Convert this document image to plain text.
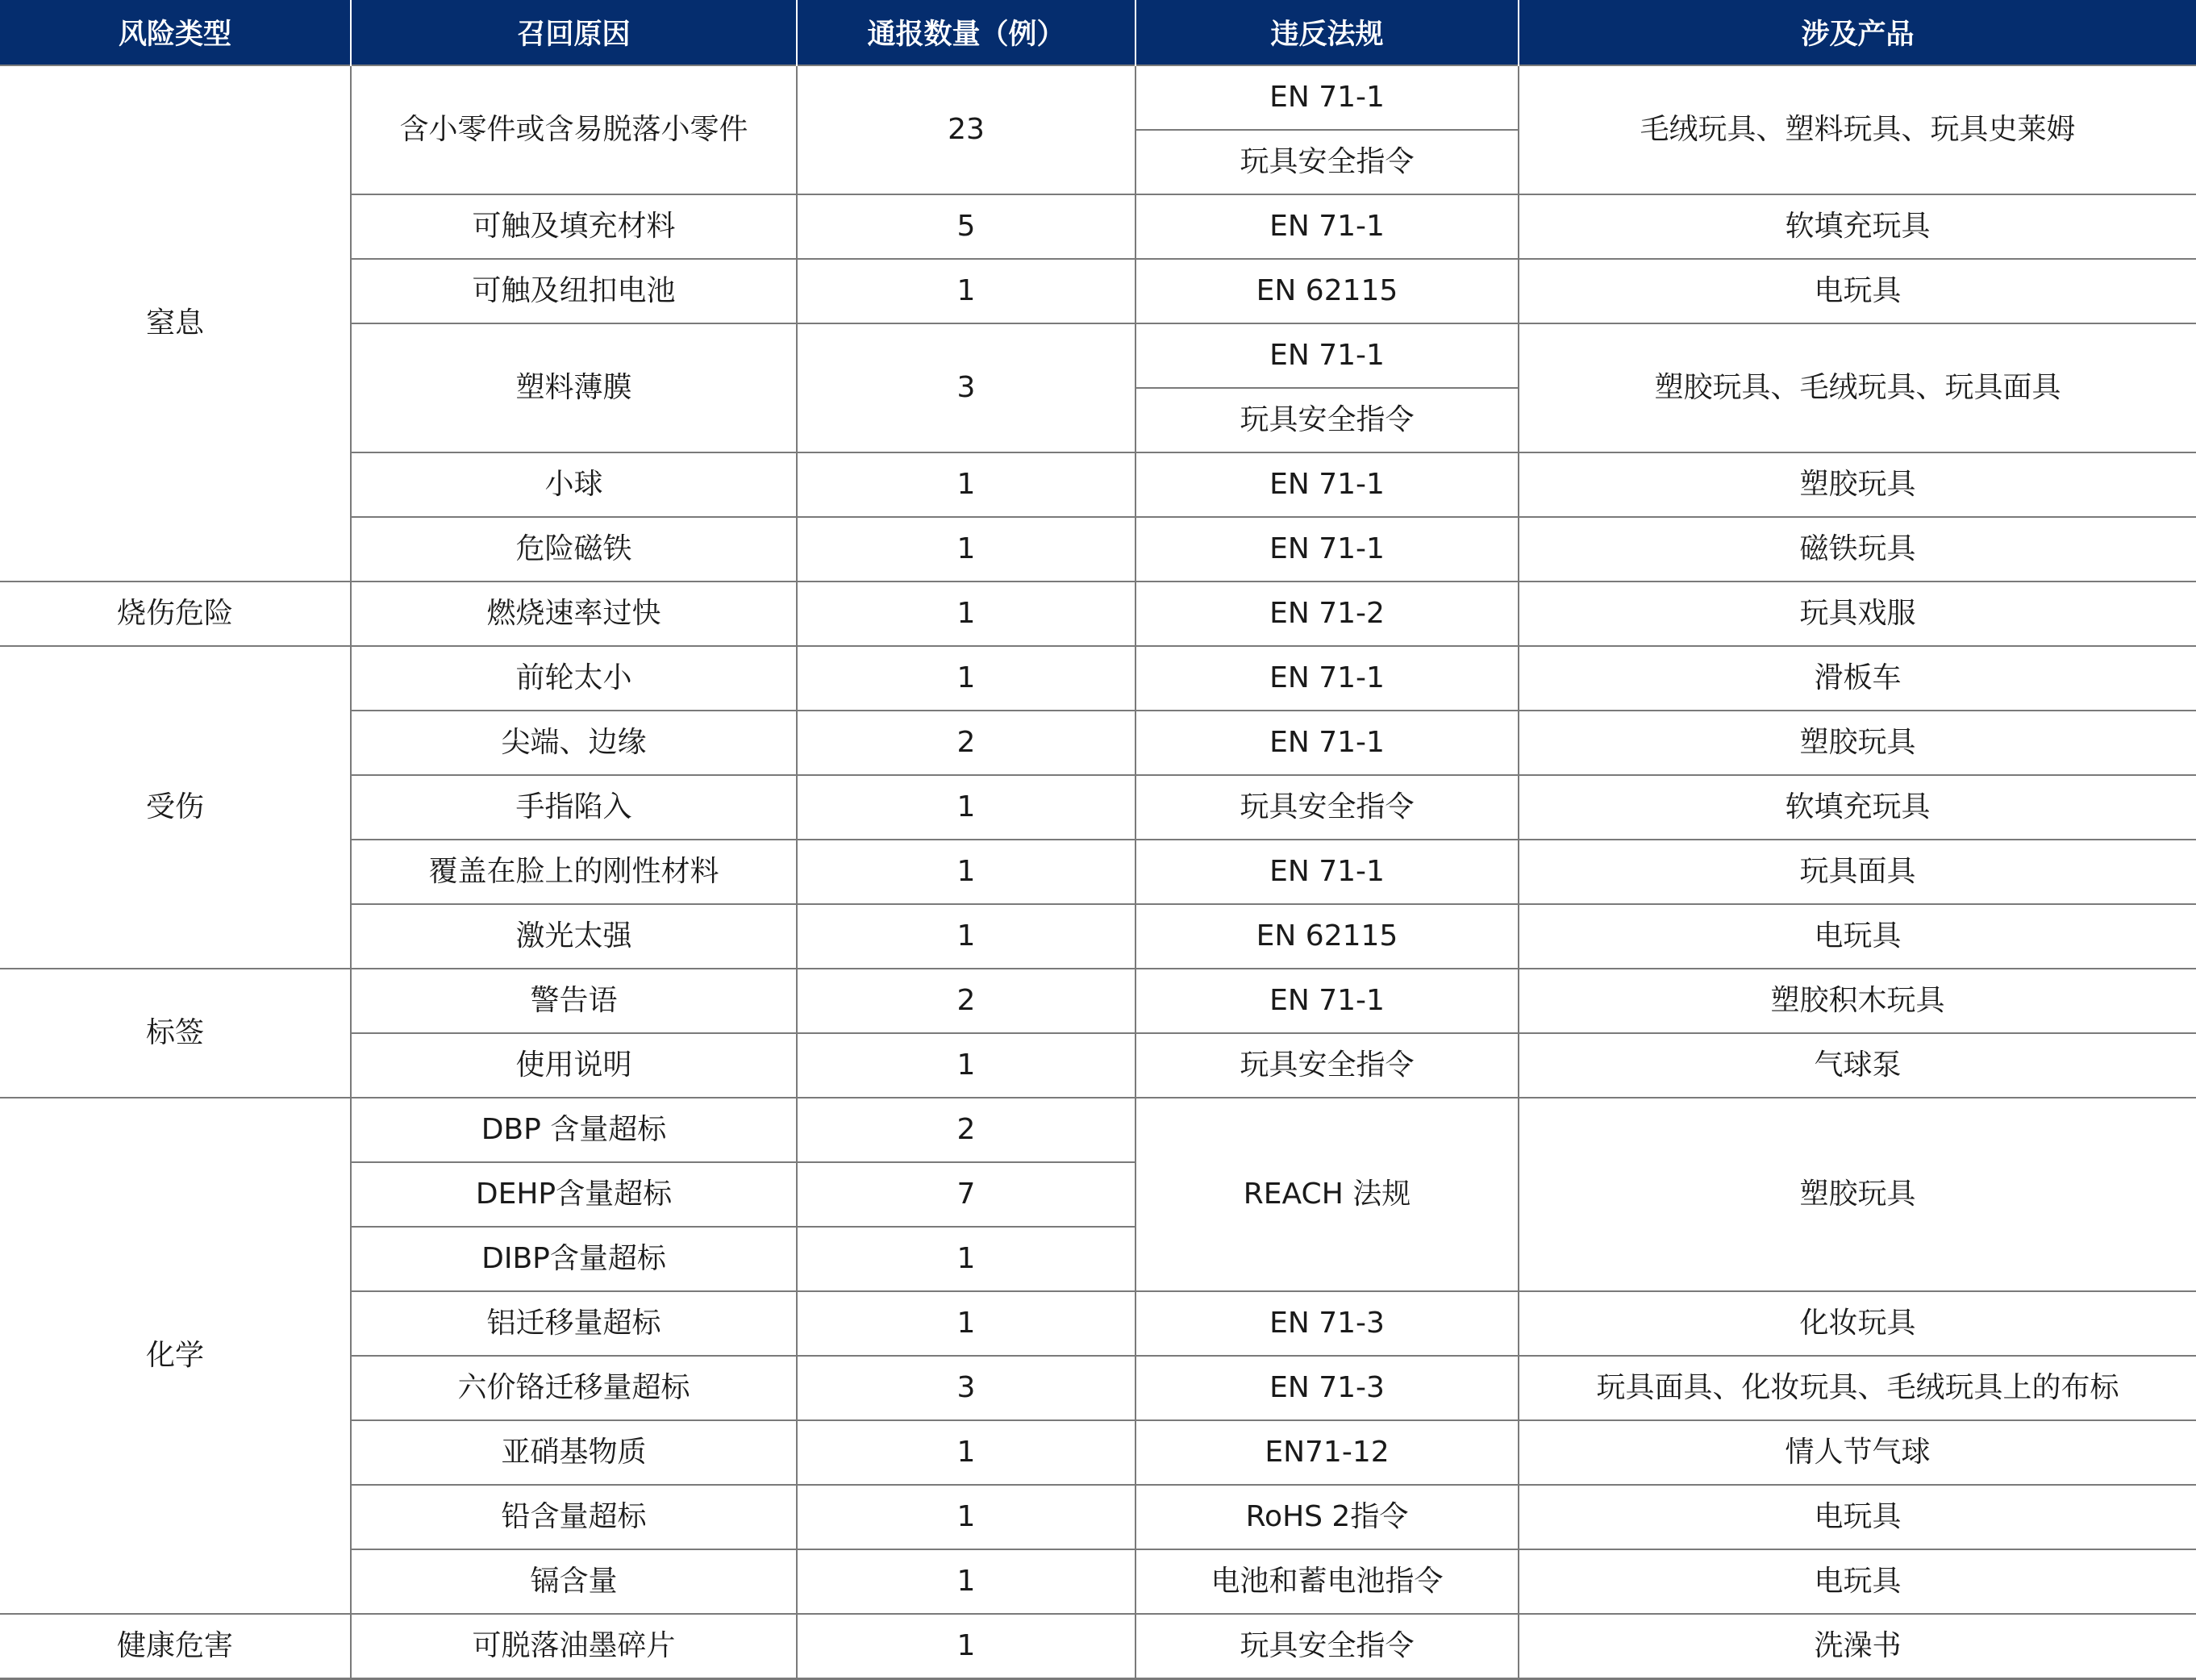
风险类型	召回原因	通报数量（例）	违反法规	涉及产品
窒息	含小零件或含易脱落小零件	23	EN 71-1	毛绒玩具、塑料玩具、玩具史莱姆
			玩具安全指令	
	可触及填充材料	5	EN 71-1	软填充玩具
	可触及纽扣电池	1	EN 62115	电玩具
	塑料薄膜	3	EN 71-1	塑胶玩具、毛绒玩具、玩具面具
			玩具安全指令	
	小球	1	EN 71-1	塑胶玩具
	危险磁铁	1	EN 71-1	磁铁玩具
烧伤危险	燃烧速率过快	1	EN 71-2	玩具戏服
受伤	前轮太小	1	EN 71-1	滑板车
	尖端、边缘	2	EN 71-1	塑胶玩具
	手指陷入	1	玩具安全指令	软填充玩具
	覆盖在脸上的刚性材料	1	EN 71-1	玩具面具
	激光太强	1	EN 62115	电玩具
标签	警告语	2	EN 71-1	塑胶积木玩具
	使用说明	1	玩具安全指令	气球泵
化学	DBP 含量超标	2	REACH 法规	塑胶玩具
	DEHP含量超标	7		
	DIBP含量超标	1		
	铝迁移量超标	1	EN 71-3	化妆玩具
	六价铬迁移量超标	3	EN 71-3	玩具面具、化妆玩具、毛绒玩具上的布标
	亚硝基物质	1	EN71-12	情人节气球
	铅含量超标	1	RoHS 2指令	电玩具
	镉含量	1	电池和蓄电池指令	电玩具
健康危害	可脱落油墨碎片	1	玩具安全指令	洗澡书
